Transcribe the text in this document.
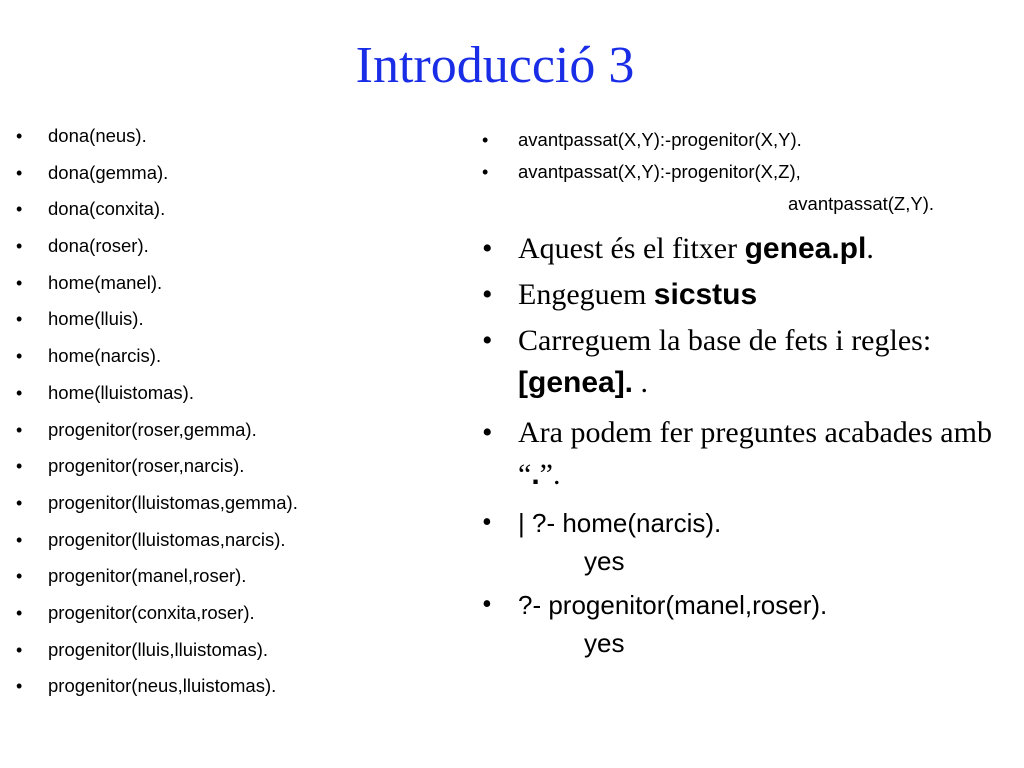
Introducció 3
• dona(neus).
• dona(gemma).
• dona(conxita).
• dona(roser).
• home(manel).
• home(lluis).
• home(narcis).
• home(lluistomas).
• progenitor(roser,gemma).
• progenitor(roser,narcis).
• progenitor(lluistomas,gemma).
• progenitor(lluistomas,narcis).
• progenitor(manel,roser).
• progenitor(conxita,roser).
• progenitor(lluis,lluistomas).
• progenitor(neus,lluistomas).
• avantpassat(X,Y):-progenitor(X,Y).
• avantpassat(X,Y):-progenitor(X,Z),
avantpassat(Z,Y).
• Aquest és el fitxer genea.pl.
• Engeguem sicstus
• Carreguem la base de fets i regles: [genea]. .
• Ara podem fer preguntes acabades amb “.”.
• | ?- home(narcis).
yes
• ?- progenitor(manel,roser).
yes
